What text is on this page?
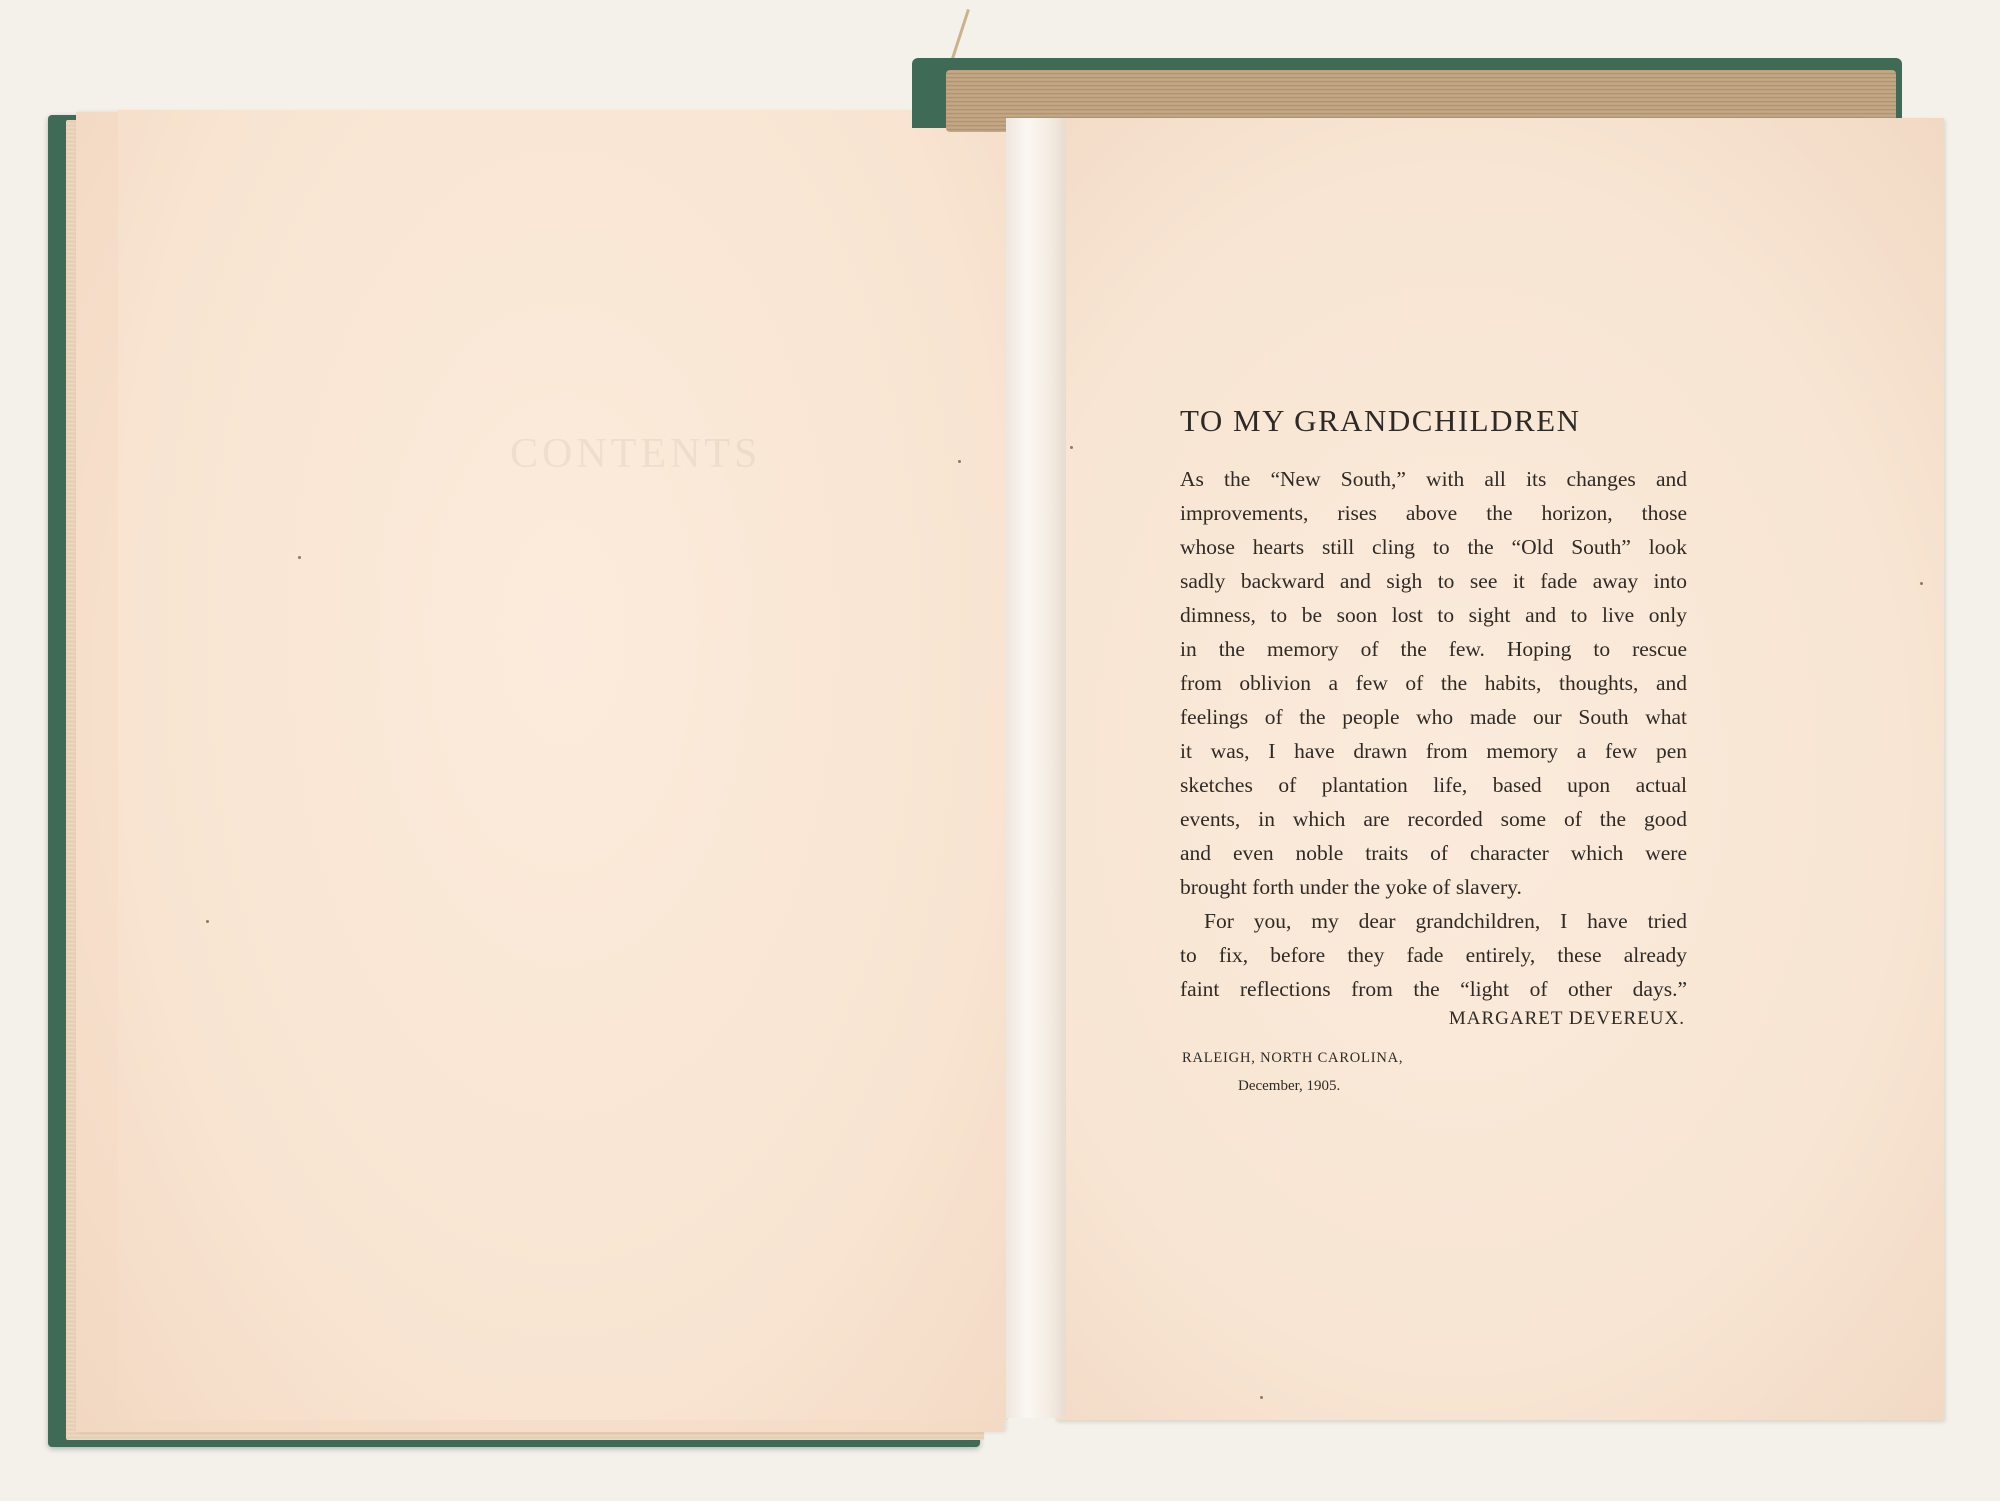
CONTENTS
TO MY GRANDCHILDREN
As the “New South,” with all its changes and
improvements, rises above the horizon, those
whose hearts still cling to the “Old South” look
sadly backward and sigh to see it fade away into
dimness, to be soon lost to sight and to live only
in the memory of the few. Hoping to rescue
from oblivion a few of the habits, thoughts, and
feelings of the people who made our South what
it was, I have drawn from memory a few pen
sketches of plantation life, based upon actual
events, in which are recorded some of the good
and even noble traits of character which were
brought forth under the yoke of slavery.
For you, my dear grandchildren, I have tried
to fix, before they fade entirely, these already
faint reflections from the “light of other days.”
MARGARET DEVEREUX.
RALEIGH, NORTH CAROLINA,
December, 1905.
